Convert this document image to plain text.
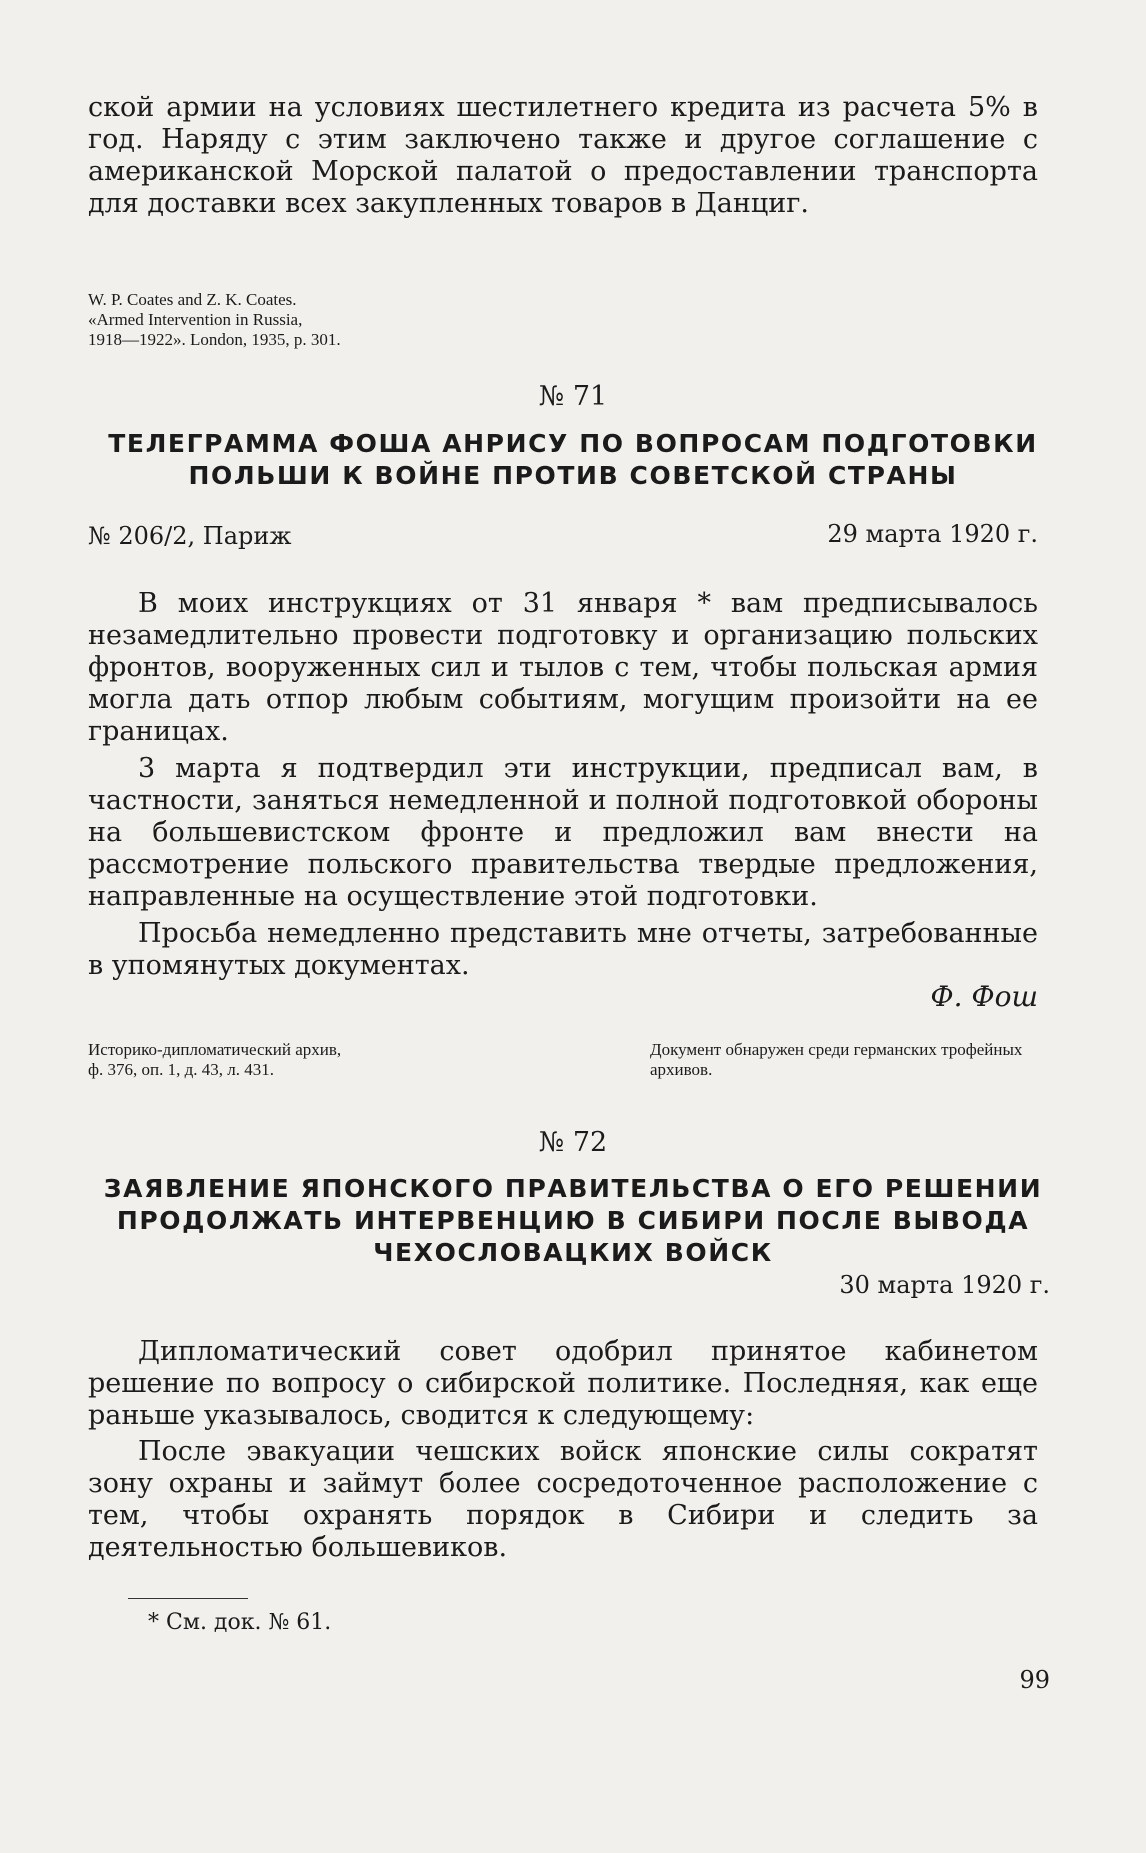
ской армии на условиях шестилетнего кредита из расчета 5% в год. Наряду с этим заключено также и другое соглашение с американской Морской палатой о предоставлении транспорта для доставки всех закупленных товаров в Данциг.

W. P. Coates and Z. K. Coates.
«Armed Intervention in Russia,
1918—1922». London, 1935, p. 301.
№ 71
ТЕЛЕГРАММА ФОША АНРИСУ ПО ВОПРОСАМ ПОДГОТОВКИ ПОЛЬШИ К ВОЙНЕ ПРОТИВ СОВЕТСКОЙ СТРАНЫ
№ 206/2, Париж	29 марта 1920 г.

В моих инструкциях от 31 января * вам предписывалось незамедлительно провести подготовку и организацию польских фронтов, вооруженных сил и тылов с тем, чтобы польская армия могла дать отпор любым событиям, могущим произойти на ее границах.

3 марта я подтвердил эти инструкции, предписал вам, в частности, заняться немедленной и полной подготовкой обороны на большевистском фронте и предложил вам внести на рассмотрение польского правительства твердые предложения, направленные на осуществление этой подготовки.

Просьба немедленно представить мне отчеты, затребованные в упомянутых документах.

Ф. Фош
Историко-дипломатический архив,
ф. 376, оп. 1, д. 43, л. 431.
Документ обнаружен среди германских трофейных архивов.
№ 72
ЗАЯВЛЕНИЕ ЯПОНСКОГО ПРАВИТЕЛЬСТВА О ЕГО РЕШЕНИИ ПРОДОЛЖАТЬ ИНТЕРВЕНЦИЮ В СИБИРИ ПОСЛЕ ВЫВОДА ЧЕХОСЛОВАЦКИХ ВОЙСК
30 марта 1920 г.

Дипломатический совет одобрил принятое кабинетом решение по вопросу о сибирской политике. Последняя, как еще раньше указывалось, сводится к следующему:

После эвакуации чешских войск японские силы сократят зону охраны и займут более сосредоточенное расположение с тем, чтобы охранять порядок в Сибири и следить за деятельностью большевиков.

* См. док. № 61.
99
